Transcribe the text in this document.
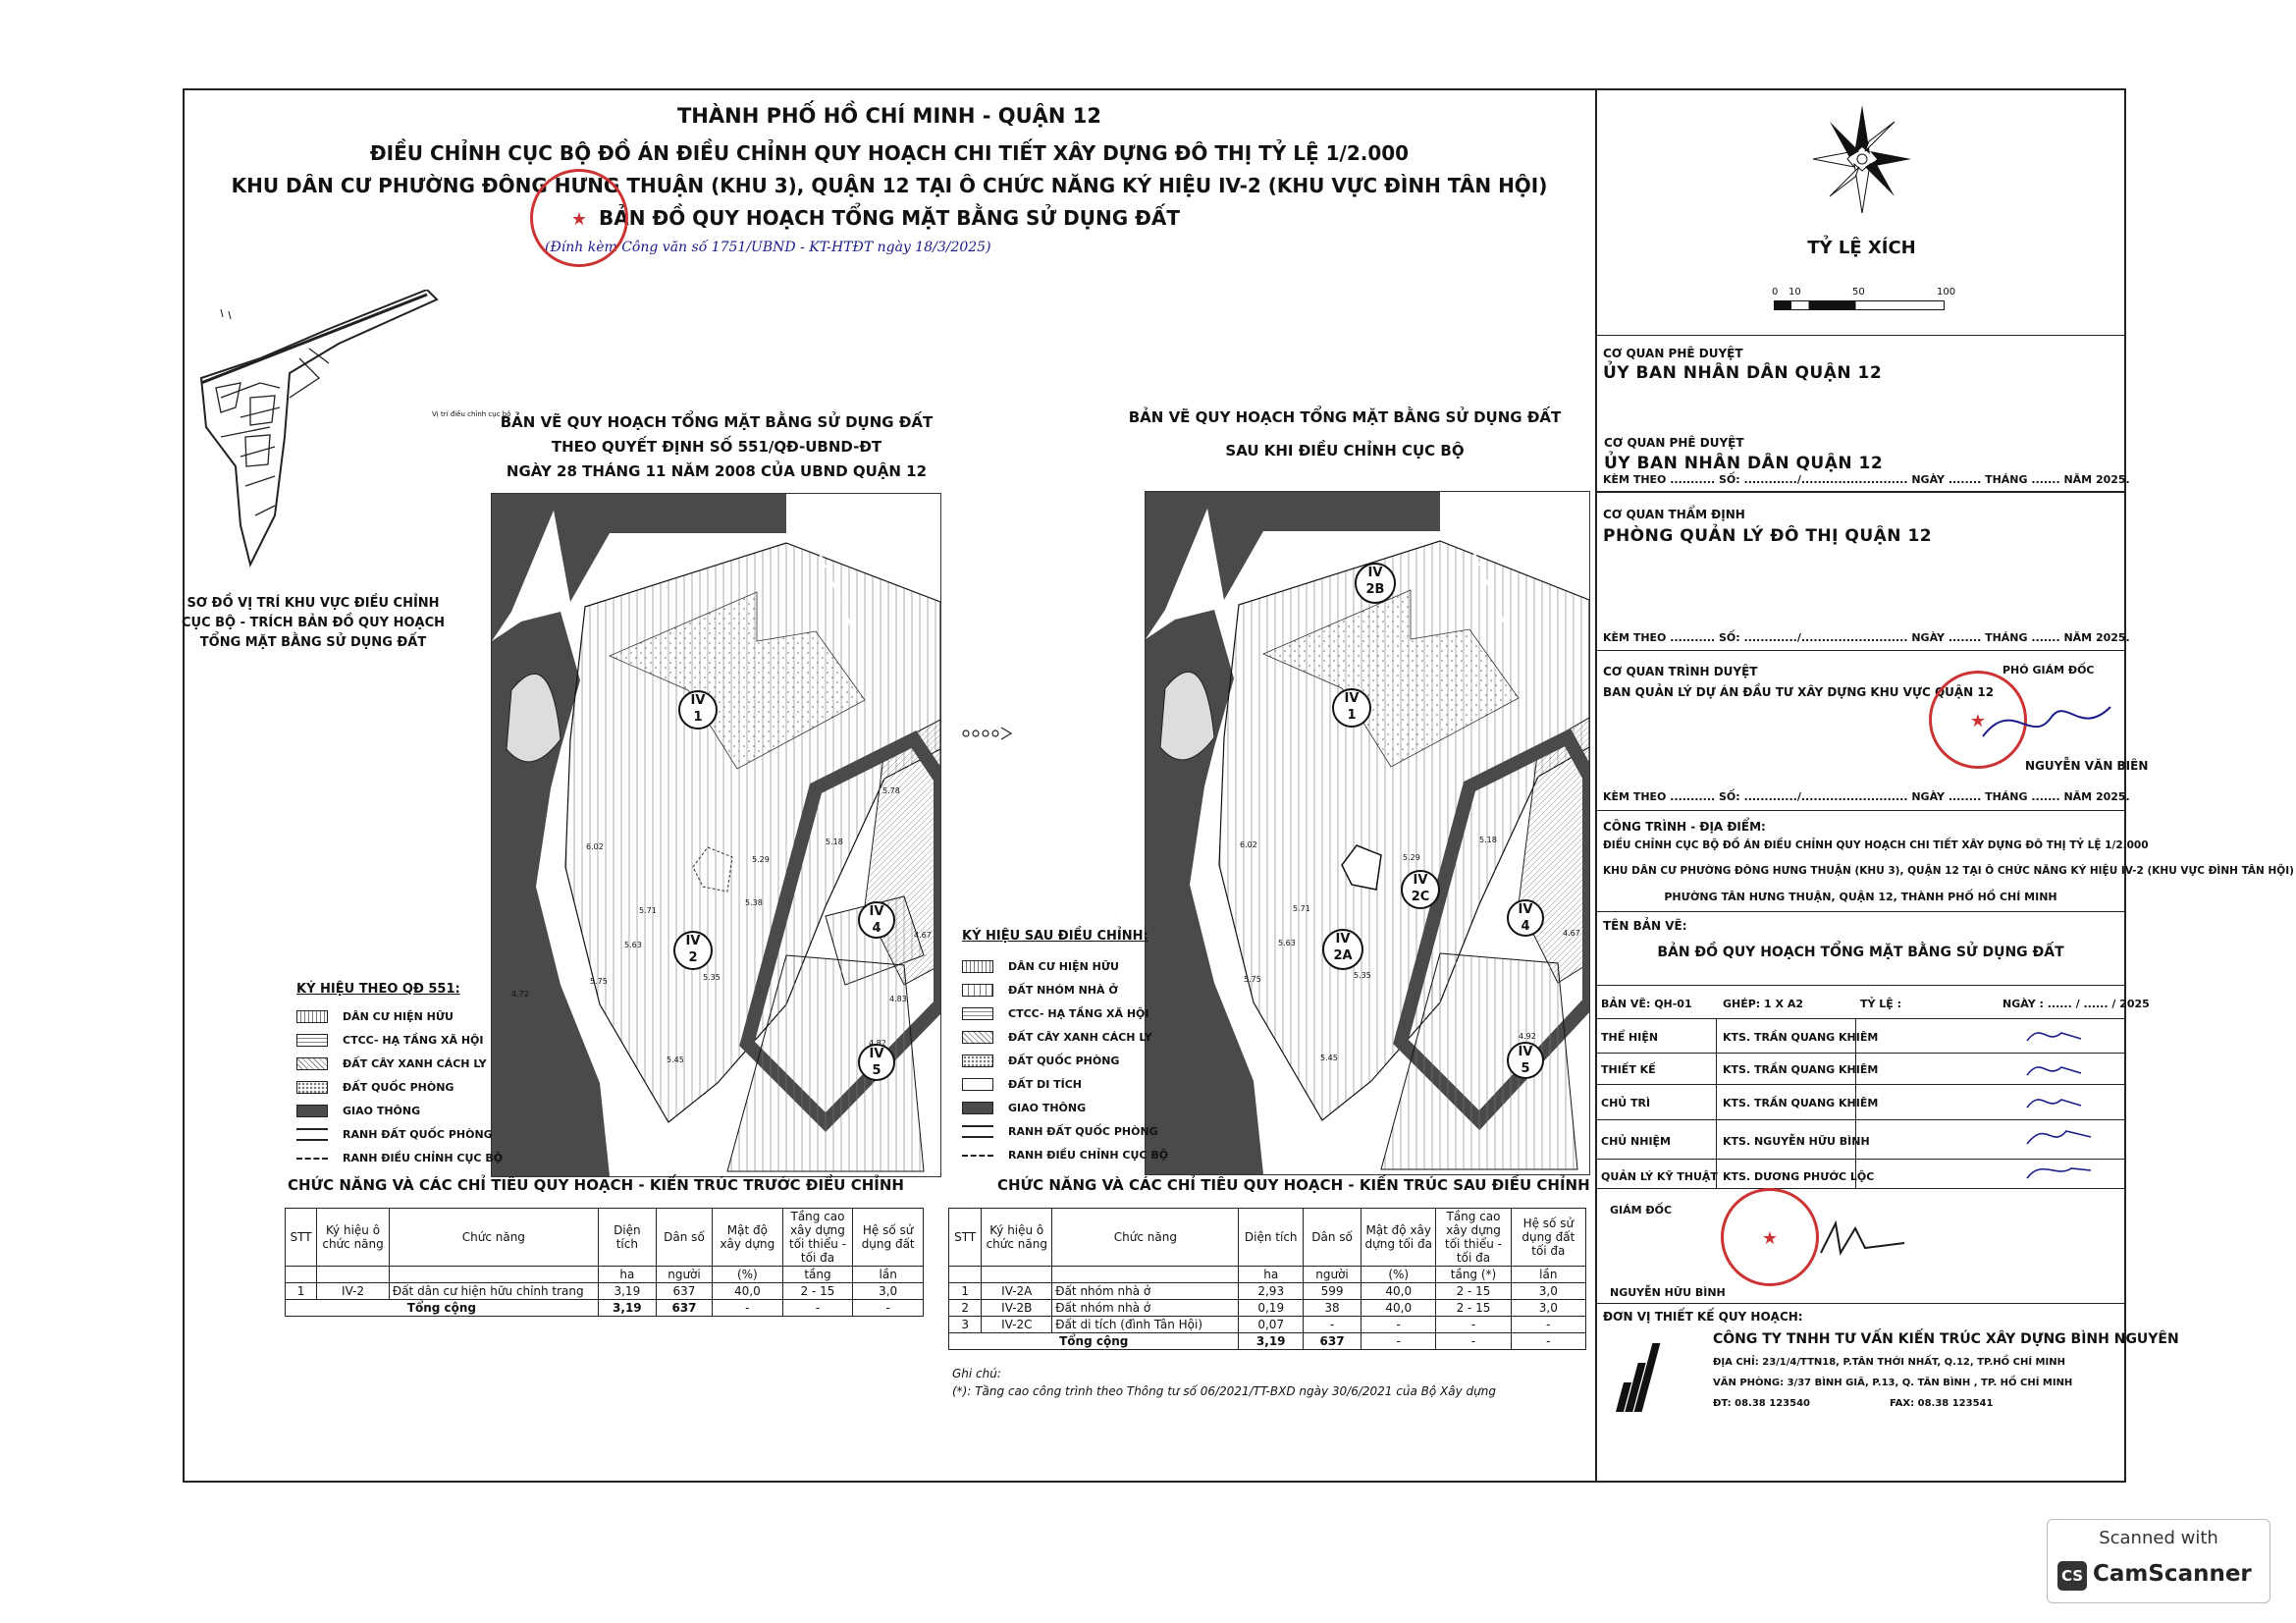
THÀNH PHỐ HỒ CHÍ MINH - QUẬN 12
ĐIỀU CHỈNH CỤC BỘ ĐỒ ÁN ĐIỀU CHỈNH QUY HOẠCH CHI TIẾT XÂY DỰNG ĐÔ THỊ TỶ LỆ 1/2.000
KHU DÂN CƯ PHƯỜNG ĐÔNG HƯNG THUẬN (KHU 3), QUẬN 12 TẠI Ô CHỨC NĂNG KÝ HIỆU IV-2 (KHU VỰC ĐÌNH TÂN HỘI)
BẢN ĐỒ QUY HOẠCH TỔNG MẶT BẰNG SỬ DỤNG ĐẤT
(Đính kèm Công văn số 1751/UBND - KT-HTĐT ngày 18/3/2025)
★
Vị trí điều chỉnh cục bộ
SƠ ĐỒ VỊ TRÍ KHU VỰC ĐIỀU CHỈNH CỤC BỘ - TRÍCH BẢN ĐỒ QUY HOẠCH TỔNG MẶT BẰNG SỬ DỤNG ĐẤT
BẢN VẼ QUY HOẠCH TỔNG MẶT BẰNG SỬ DỤNG ĐẤT
THEO QUYẾT ĐỊNH SỐ 551/QĐ-UBND-ĐT
NGÀY 28 THÁNG 11 NĂM 2008 CỦA UBND QUẬN 12
IV
1
IV
2
IV
4
IV
5
6.02
5.71
5.63
5.75
5.29
5.38
5.35
5.45
4.67
4.83
4.82
5.18
5.78
4.72
BẢN VẼ QUY HOẠCH TỔNG MẶT BẰNG SỬ DỤNG ĐẤT
SAU KHI ĐIỀU CHỈNH CỤC BỘ
IV
2B
IV
1
IV
2C
IV
2A
IV
4
IV
5
6.02
5.71
5.63
5.75
5.29
5.35
5.45
4.67
4.92
5.18
KÝ HIỆU THEO QĐ 551:
DÂN CƯ HIỆN HỮU
CTCC- HẠ TẦNG XÃ HỘI
ĐẤT CÂY XANH CÁCH LY
ĐẤT QUỐC PHÒNG
GIAO THÔNG
RANH ĐẤT QUỐC PHÒNG
RANH ĐIỀU CHỈNH CỤC BỘ
KÝ HIỆU SAU ĐIỀU CHỈNH:
DÂN CƯ HIỆN HỮU
ĐẤT NHÓM NHÀ Ở
CTCC- HẠ TẦNG XÃ HỘI
ĐẤT CÂY XANH CÁCH LY
ĐẤT QUỐC PHÒNG
ĐẤT DI TÍCH
GIAO THÔNG
RANH ĐẤT QUỐC PHÒNG
RANH ĐIỀU CHỈNH CỤC BỘ
CHỨC NĂNG VÀ CÁC CHỈ TIÊU QUY HOẠCH - KIẾN TRÚC TRƯỚC ĐIỀU CHỈNH
STT	Ký hiệu ô chức năng	Chức năng	Diện tích	Dân số	Mật độ xây dựng	Tầng cao xây dựng tối thiểu - tối đa	Hệ số sử dụng đất
			ha	người	(%)	tầng	lần
1	IV-2	Đất dân cư hiện hữu chỉnh trang	3,19	637	40,0	2 - 15	3,0
Tổng cộng			3,19	637	-	-	-
CHỨC NĂNG VÀ CÁC CHỈ TIÊU QUY HOẠCH - KIẾN TRÚC SAU ĐIỀU CHỈNH
STT	Ký hiệu ô chức năng	Chức năng	Diện tích	Dân số	Mật độ xây dựng tối đa	Tầng cao xây dựng tối thiểu - tối đa	Hệ số sử dụng đất tối đa
			ha	người	(%)	tầng (*)	lần
1	IV-2A	Đất nhóm nhà ở	2,93	599	40,0	2 - 15	3,0
2	IV-2B	Đất nhóm nhà ở	0,19	38	40,0	2 - 15	3,0
3	IV-2C	Đất di tích (đình Tân Hội)	0,07	-	-	-	-
Tổng cộng			3,19	637	-	-	-
Ghi chú:
(*): Tầng cao công trình theo Thông tư số 06/2021/TT-BXD ngày 30/6/2021 của Bộ Xây dựng
TỶ LỆ XÍCH
0 10	50	100
CƠ QUAN PHÊ DUYỆT
ỦY BAN NHÂN DÂN QUẬN 12
CƠ QUAN PHÊ DUYỆT
ỦY BAN NHÂN DÂN QUẬN 12
KÈM THEO ........... SỐ: ............./.......................... NGÀY ........ THÁNG ....... NĂM 2025.
CƠ QUAN THẨM ĐỊNH
PHÒNG QUẢN LÝ ĐÔ THỊ QUẬN 12
KÈM THEO ........... SỐ: ............./.......................... NGÀY ........ THÁNG ....... NĂM 2025.
CƠ QUAN TRÌNH DUYỆT
BAN QUẢN LÝ DỰ ÁN ĐẦU TƯ XÂY DỰNG KHU VỰC QUẬN 12
PHÓ GIÁM ĐỐC
★
NGUYỄN VĂN BIÊN
KÈM THEO ........... SỐ: ............./.......................... NGÀY ........ THÁNG ....... NĂM 2025.
CÔNG TRÌNH - ĐỊA ĐIỂM:
ĐIỀU CHỈNH CỤC BỘ ĐỒ ÁN ĐIỀU CHỈNH QUY HOẠCH CHI TIẾT XÂY DỰNG ĐÔ THỊ TỶ LỆ 1/2.000
KHU DÂN CƯ PHƯỜNG ĐÔNG HƯNG THUẬN (KHU 3), QUẬN 12 TẠI Ô CHỨC NĂNG KÝ HIỆU IV-2 (KHU VỰC ĐÌNH TÂN HỘI)
PHƯỜNG TÂN HƯNG THUẬN, QUẬN 12, THÀNH PHỐ HỒ CHÍ MINH
TÊN BẢN VẼ:
BẢN ĐỒ QUY HOẠCH TỔNG MẶT BẰNG SỬ DỤNG ĐẤT
BẢN VẼ: QH-01	GHÉP: 1 X A2	TỶ LỆ :	NGÀY : ...... / ...... / 2025
THỂ HIỆN	KTS. TRẦN QUANG KHIÊM
THIẾT KẾ	KTS. TRẦN QUANG KHIÊM
CHỦ TRÌ	KTS. TRẦN QUANG KHIÊM
CHỦ NHIỆM	KTS. NGUYỄN HỮU BÌNH
QUẢN LÝ KỸ THUẬT KTS. DƯƠNG PHƯỚC LỘC
GIÁM ĐỐC
★
NGUYỄN HỮU BÌNH
ĐƠN VỊ THIẾT KẾ QUY HOẠCH:
CÔNG TY TNHH TƯ VẤN KIẾN TRÚC XÂY DỰNG BÌNH NGUYÊN
ĐỊA CHỈ: 23/1/4/TTN18, P.TÂN THỚI NHẤT, Q.12, TP.HỒ CHÍ MINH
VĂN PHÒNG: 3/37 BÌNH GIÃ, P.13, Q. TÂN BÌNH , TP. HỒ CHÍ MINH
ĐT: 08.38 123540	FAX: 08.38 123541
Scanned with
CS CamScanner
